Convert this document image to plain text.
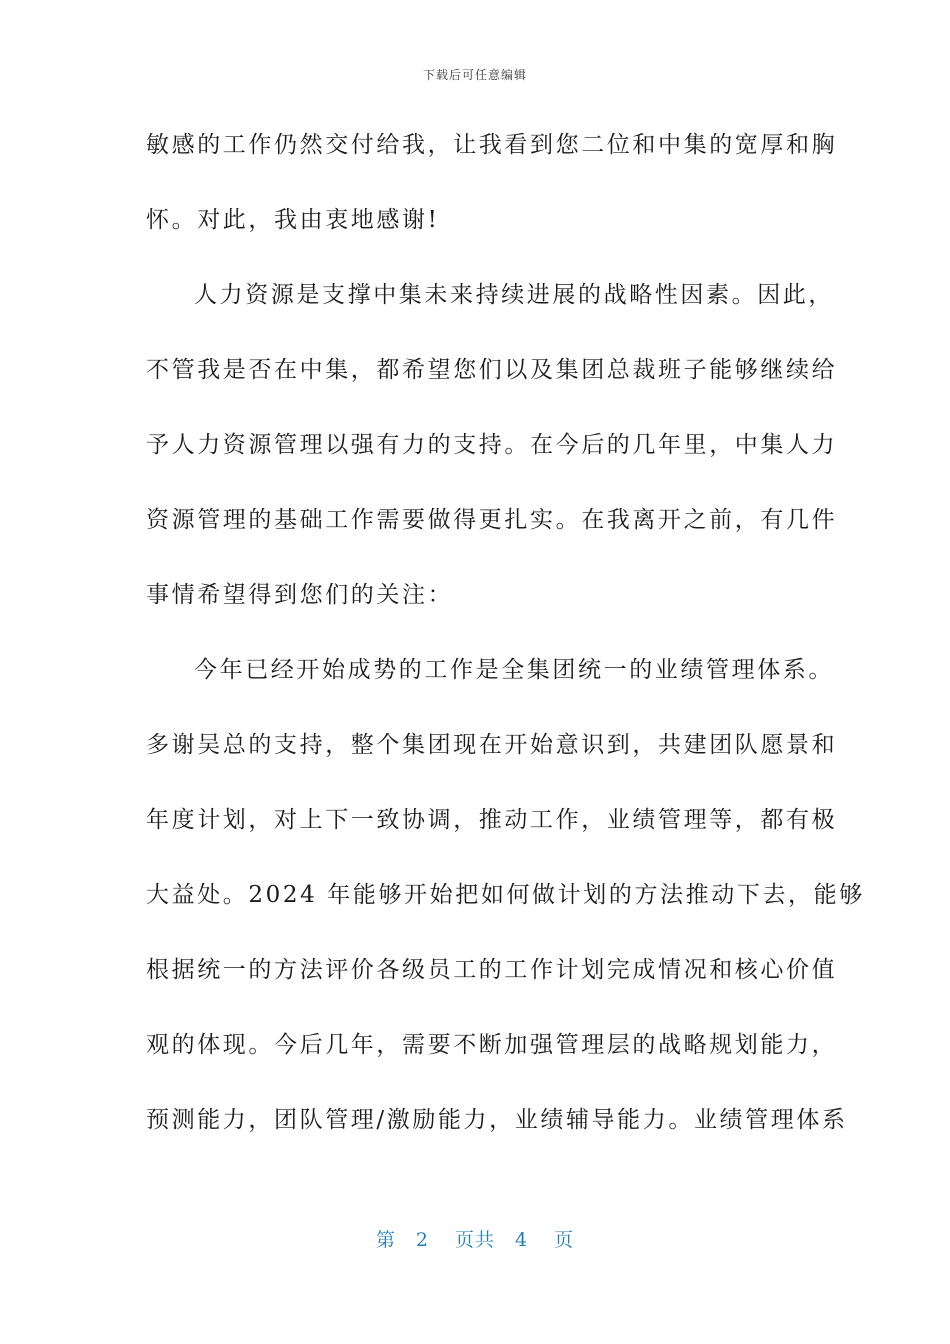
下载后可任意编辑
敏感的工作仍然交付给我，让我看到您二位和中集的宽厚和胸
怀。对此，我由衷地感谢!
人力资源是支撑中集未来持续进展的战略性因素。因此，
不管我是否在中集，都希望您们以及集团总裁班子能够继续给
予人力资源管理以强有力的支持。在今后的几年里，中集人力
资源管理的基础工作需要做得更扎实。在我离开之前，有几件
事情希望得到您们的关注：
今年已经开始成势的工作是全集团统一的业绩管理体系。
多谢吴总的支持，整个集团现在开始意识到，共建团队愿景和
年度计划，对上下一致协调，推动工作，业绩管理等，都有极
大益处。2024 年能够开始把如何做计划的方法推动下去，能够
根据统一的方法评价各级员工的工作计划完成情况和核心价值
观的体现。今后几年，需要不断加强管理层的战略规划能力，
预测能力，团队管理/激励能力，业绩辅导能力。业绩管理体系
第 2 页共 4 页
